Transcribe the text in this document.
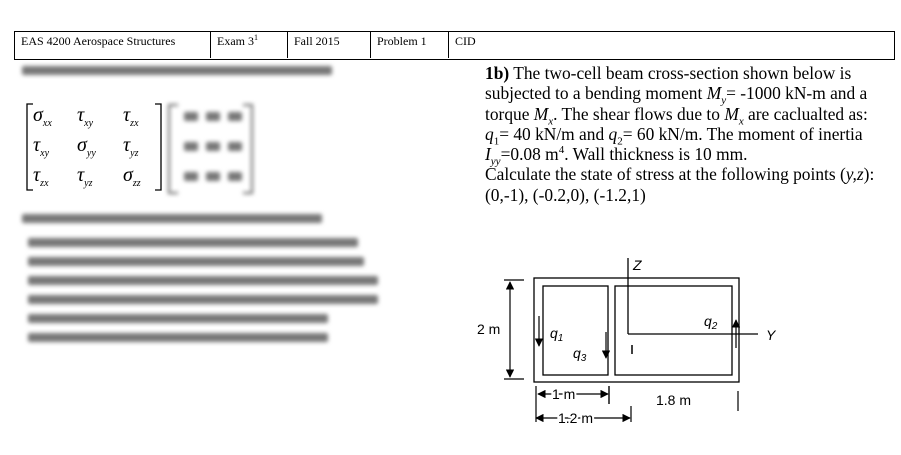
EAS 4200 Aerospace Structures	Exam $3^1$	Fall 2015	Problem 1	CID
$\sigma_{xx}$ $\tau_{xy}$ $\tau_{zx}$
$\tau_{xy}$ $\sigma_{yy}$ $\tau_{yz}$
$\tau_{zx}$ $\tau_{yz}$ $\sigma_{zz}$

1b) The two-cell beam cross-section shown below is subjected to a bending moment $M_y= -1000$ kN-m and a torque $M_x$. The shear flows due to $M_x$ are caclualted as: $q_1= 40$ kN/m and $q_2= 60$ kN/m. The moment of inertia $I_{yy}=0.08$ $m^4$. Wall thickness is 10 mm.

Calculate the state of stress at the following points (y,z): (0,-1), (-0.2,0), (-1.2,1)

Z
Y
2 m	$q_1$
$q_3$
$q_2$
1 m
1.2 m
1.8 m
